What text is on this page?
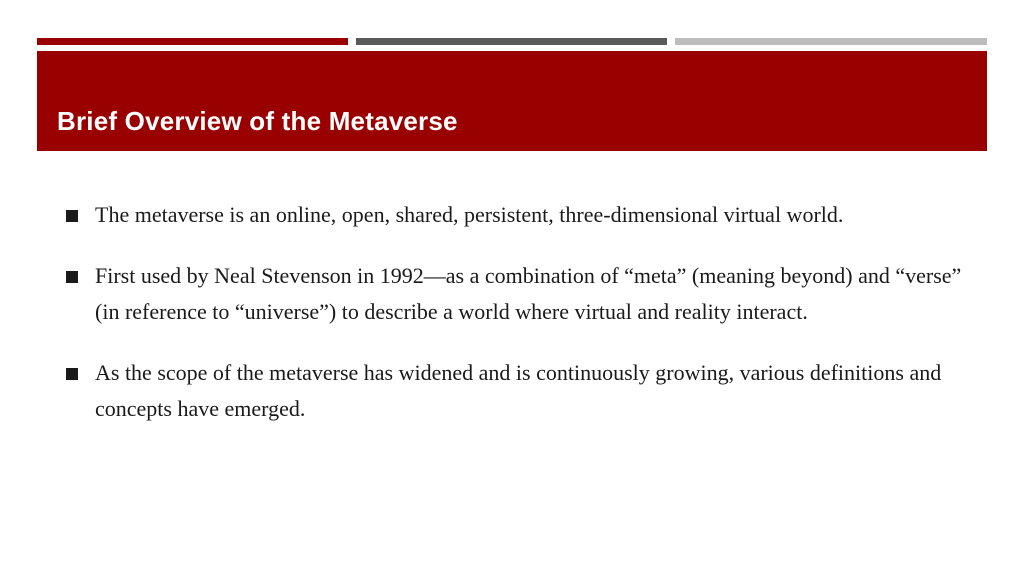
Brief Overview of the Metaverse
The metaverse is an online, open, shared, persistent, three-dimensional virtual world.
First used by Neal Stevenson in 1992—as a combination of “meta” (meaning beyond) and “verse” (in reference to “universe”) to describe a world where virtual and reality interact.
As the scope of the metaverse has widened and is continuously growing, various definitions and concepts have emerged.
